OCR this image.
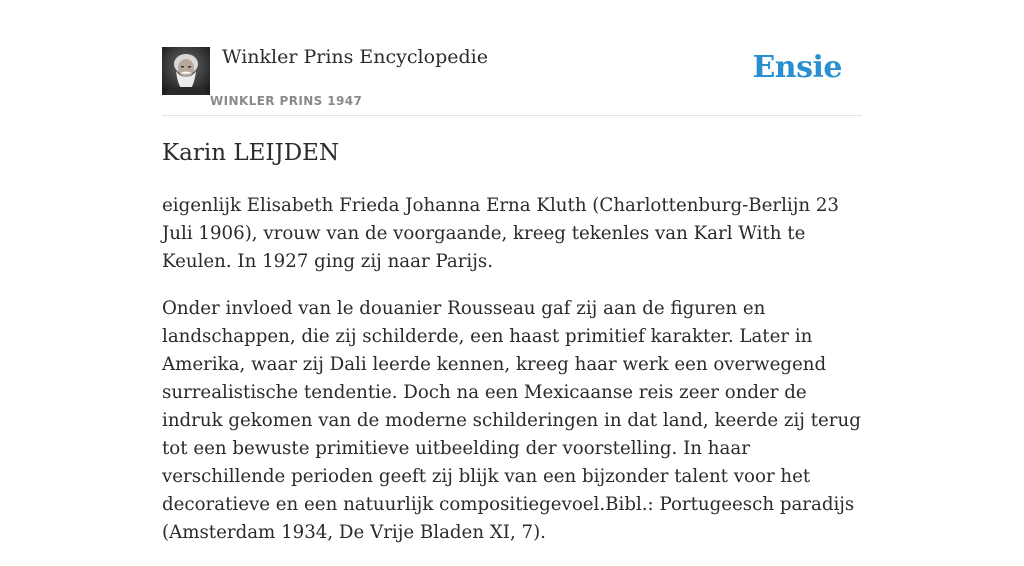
Winkler Prins Encyclopedie
WINKLER PRINS 1947
Ensie
Karin LEIJDEN

eigenlijk Elisabeth Frieda Johanna Erna Kluth (Charlottenburg-Berlijn 23 Juli 1906), vrouw van de voorgaande, kreeg tekenles van Karl With te Keulen. In 1927 ging zij naar Parijs.

Onder invloed van le douanier Rousseau gaf zij aan de figuren en landschappen, die zij schilderde, een haast primitief karakter. Later in Amerika, waar zij Dali leerde kennen, kreeg haar werk een overwegend surrealistische tendentie. Doch na een Mexicaanse reis zeer onder de indruk gekomen van de moderne schilderingen in dat land, keerde zij terug tot een bewuste primitieve uitbeelding der voorstelling. In haar verschillende perioden geeft zij blijk van een bijzonder talent voor het decoratieve en een natuurlijk compositiegevoel.Bibl.: Portugeesch paradijs (Amsterdam 1934, De Vrije Bladen XI, 7).
